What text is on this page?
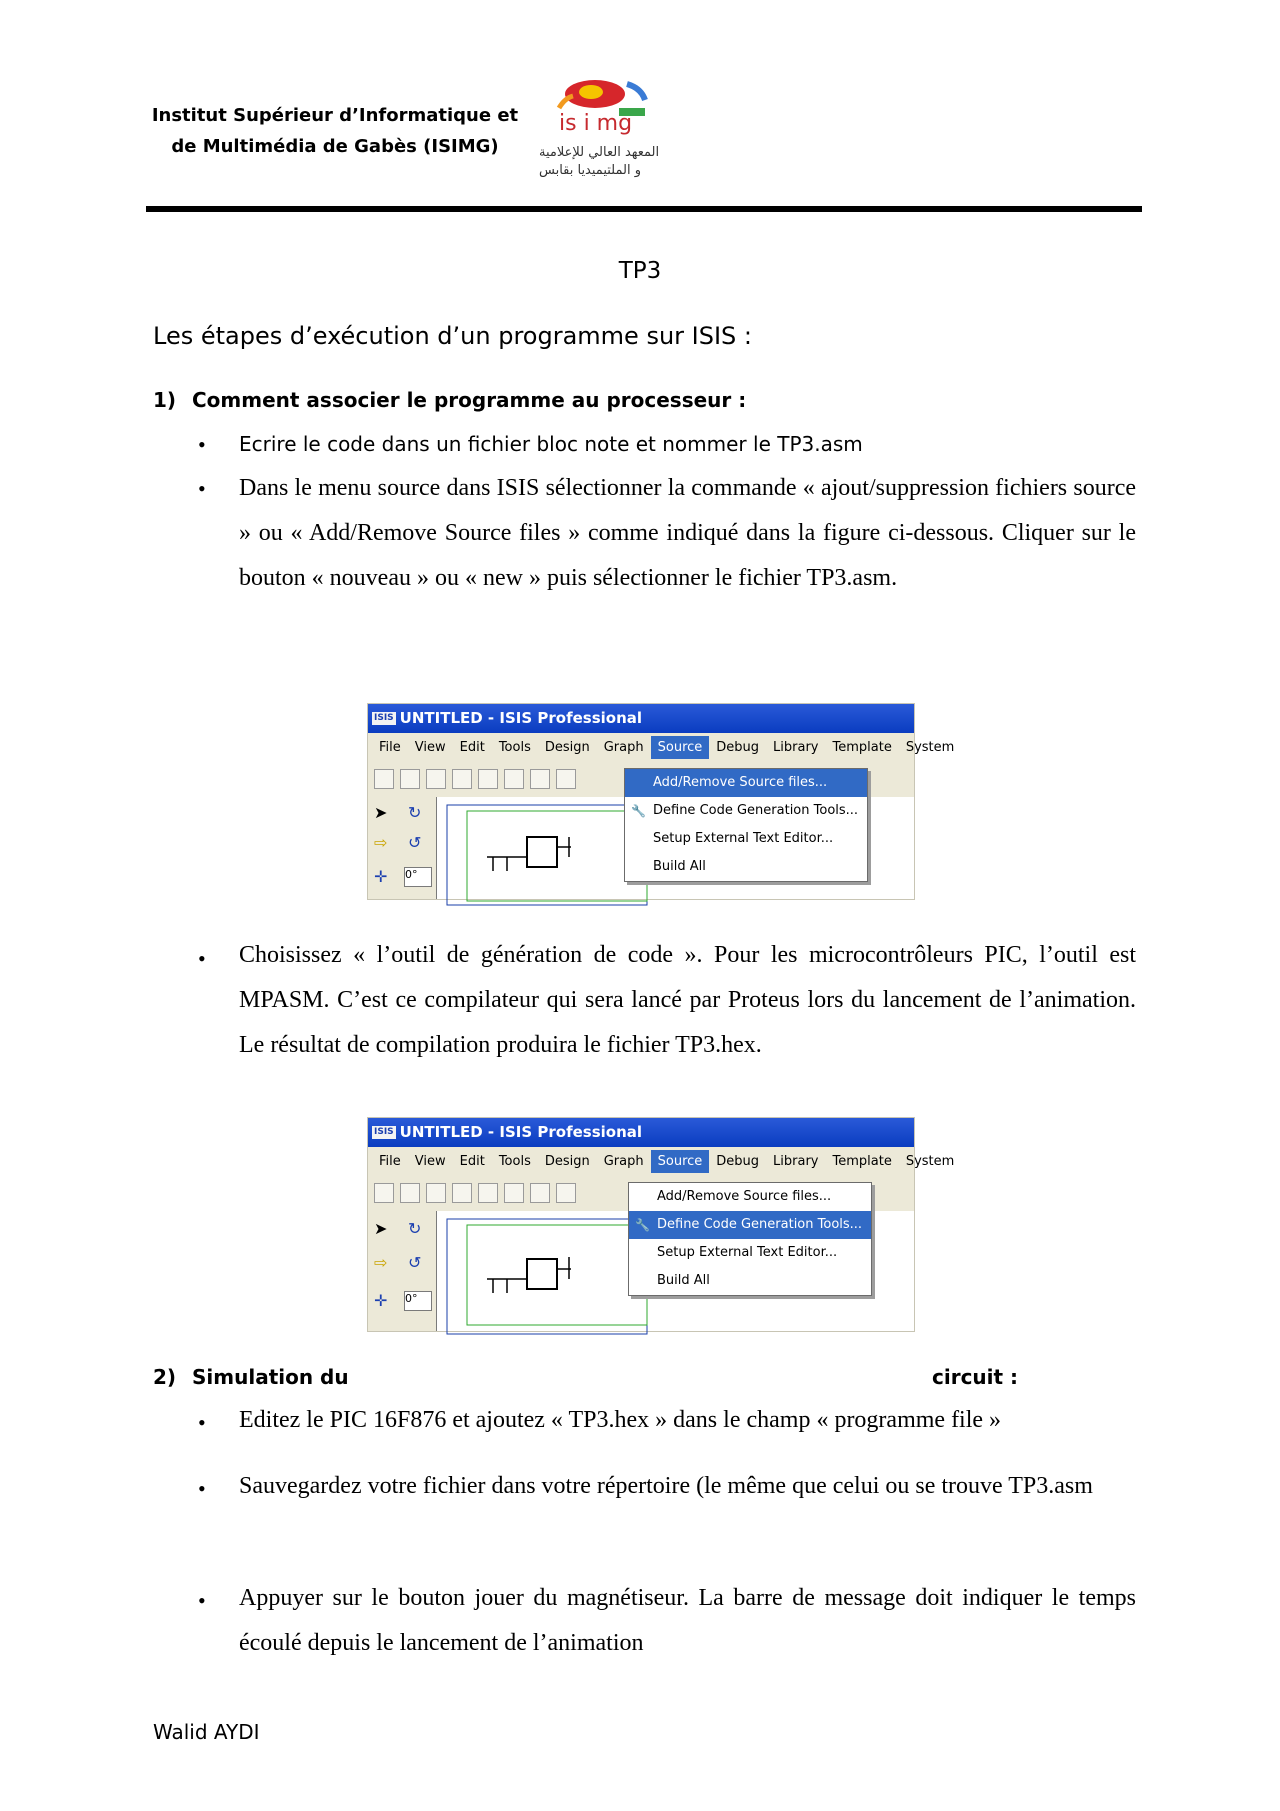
Institut Supérieur d’Informatique et
de Multimédia de Gabès (ISIMG)
is i mg
المعهد العالي للإعلامية
و الملتيميديا بقابس
TP3
Les étapes d’exécution d’un programme sur ISIS :
1) Comment associer le programme au processeur :
• Ecrire le code dans un fichier bloc note et nommer le TP3.asm
• Dans le menu source dans ISIS sélectionner la commande « ajout/suppression fichiers source » ou « Add/Remove Source files » comme indiqué dans la figure ci-dessous. Cliquer sur le bouton « nouveau » ou « new » puis sélectionner le fichier TP3.asm.
ISIS UNTITLED - ISIS Professional
File	View	Edit	Tools	Design	Graph	Source	Debug	Library	Template	System
➤ ↻
⇨ ↺
✛ 0°
Add/Remove Source files...
🔧 Define Code Generation Tools...
Setup External Text Editor...
Build All
• Choisissez « l’outil de génération de code ». Pour les microcontrôleurs PIC, l’outil est MPASM. C’est ce compilateur qui sera lancé par Proteus lors du lancement de l’animation. Le résultat de compilation produira le fichier TP3.hex.
ISIS UNTITLED - ISIS Professional
File	View	Edit	Tools	Design	Graph	Source	Debug	Library	Template	System
➤ ↻
⇨ ↺
✛ 0°
Add/Remove Source files...
🔧 Define Code Generation Tools...
Setup External Text Editor...
Build All
2) Simulation du	circuit :
• Editez le PIC 16F876 et ajoutez « TP3.hex » dans le champ « programme file »
• Sauvegardez votre fichier dans votre répertoire (le même que celui ou se trouve TP3.asm
• Appuyer sur le bouton jouer du magnétiseur. La barre de message doit indiquer le temps écoulé depuis le lancement de l’animation
Walid AYDI
